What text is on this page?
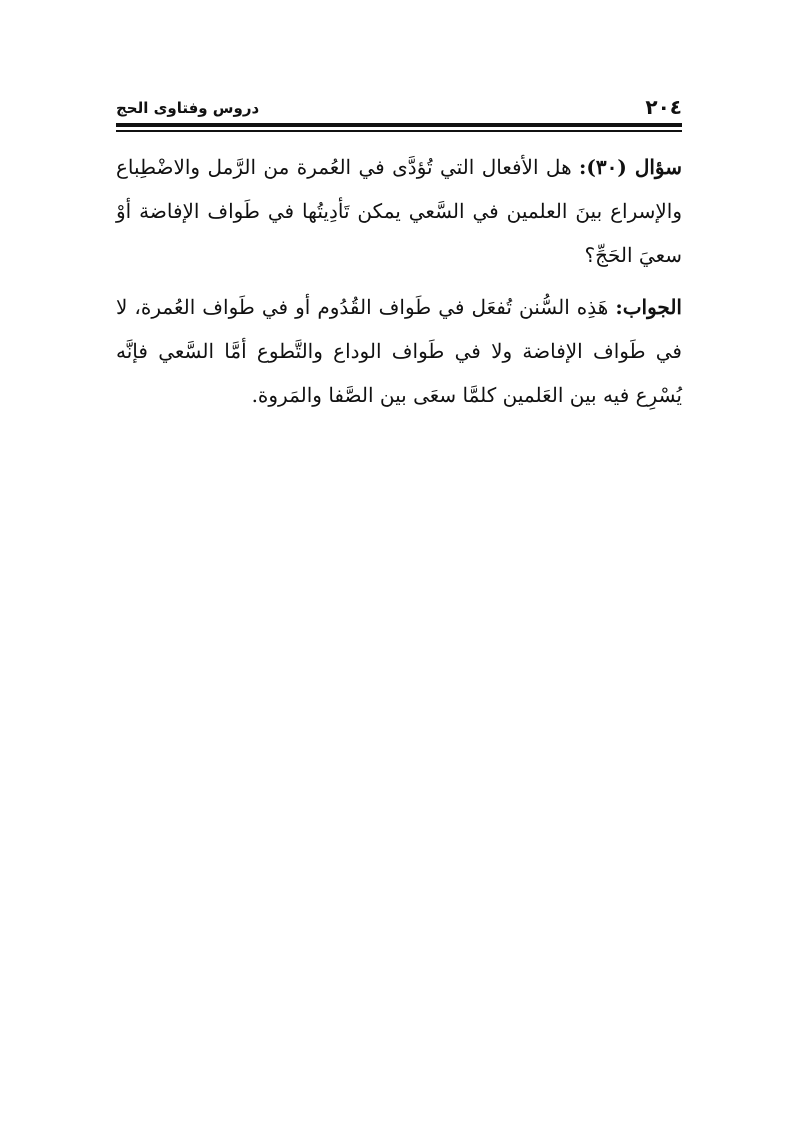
٢٠٤
دروس وفتاوى الحج

سؤال (٣٠): هل الأفعال التي تُؤدَّى في العُمرة من الرَّمل والاضْطِباع والإسراع بينَ العلمين في السَّعي يمكن تَأدِيتُها في طَواف الإفاضة أوْ سعيَ الحَجِّ؟

الجواب: هَذِه السُّنن تُفعَل في طَواف القُدُوم أو في طَواف العُمرة، لا في طَواف الإفاضة ولا في طَواف الوداع والتَّطوع أمَّا السَّعي فإنَّه يُسْرِع فيه بين العَلمين كلمَّا سعَى بين الصَّفا والمَروة.
